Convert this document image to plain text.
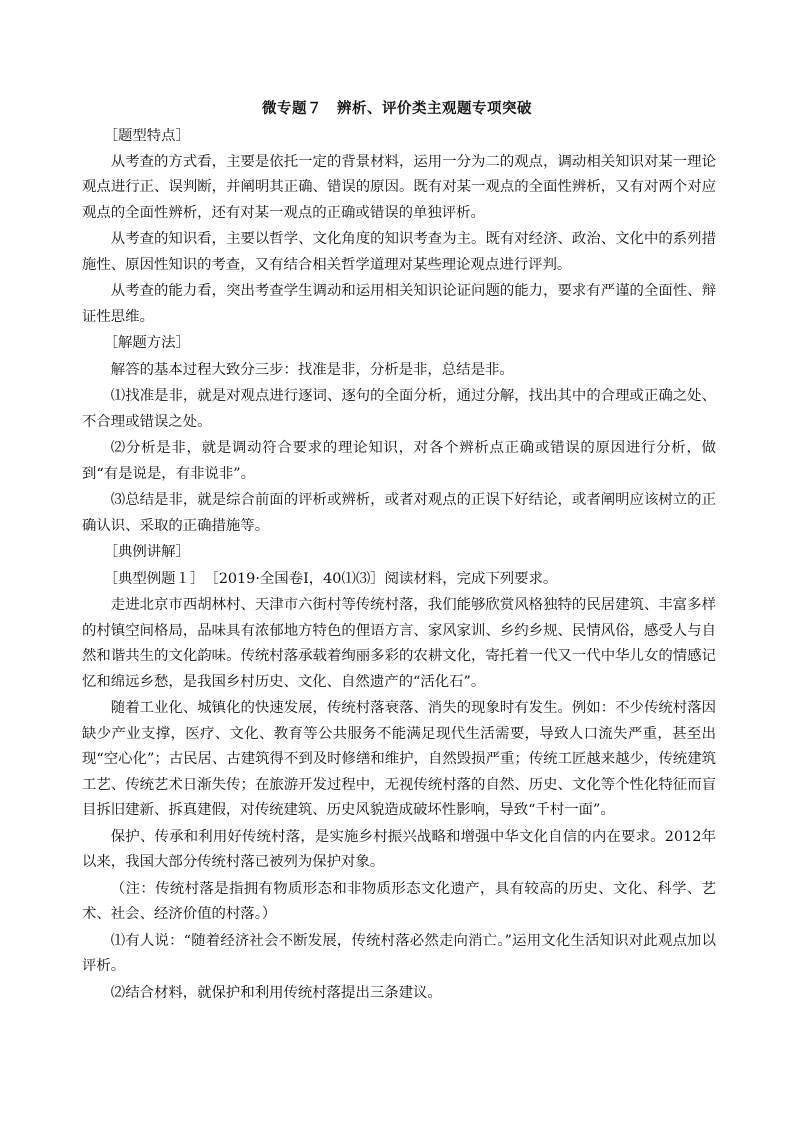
微专题７　辨析、评价类主观题专项突破

［题型特点］

从考查的方式看，主要是依托一定的背景材料，运用一分为二的观点，调动相关知识对某一理论观点进行正、误判断，并阐明其正确、错误的原因。既有对某一观点的全面性辨析，又有对两个对应观点的全面性辨析，还有对某一观点的正确或错误的单独评析。

从考查的知识看，主要以哲学、文化角度的知识考查为主。既有对经济、政治、文化中的系列措施性、原因性知识的考查，又有结合相关哲学道理对某些理论观点进行评判。

从考查的能力看，突出考查学生调动和运用相关知识论证问题的能力，要求有严谨的全面性、辩证性思维。

［解题方法］

解答的基本过程大致分三步：找准是非，分析是非，总结是非。

⑴找准是非，就是对观点进行逐词、逐句的全面分析，通过分解，找出其中的合理或正确之处、不合理或错误之处。

⑵分析是非，就是调动符合要求的理论知识，对各个辨析点正确或错误的原因进行分析，做到“有是说是，有非说非”。

⑶总结是非，就是综合前面的评析或辨析，或者对观点的正误下好结论，或者阐明应该树立的正确认识、采取的正确措施等。

［典例讲解］

［典型例题１］　［2019·全国卷Ⅰ，40⑴⑶］阅读材料，完成下列要求。

走进北京市西胡林村、天津市六街村等传统村落，我们能够欣赏风格独特的民居建筑、丰富多样的村镇空间格局，品味具有浓郁地方特色的俚语方言、家风家训、乡约乡规、民情风俗，感受人与自然和谐共生的文化韵味。传统村落承载着绚丽多彩的农耕文化，寄托着一代又一代中华儿女的情感记忆和绵远乡愁，是我国乡村历史、文化、自然遗产的“活化石”。

随着工业化、城镇化的快速发展，传统村落衰落、消失的现象时有发生。例如：不少传统村落因缺少产业支撑，医疗、文化、教育等公共服务不能满足现代生活需要，导致人口流失严重，甚至出现“空心化”；古民居、古建筑得不到及时修缮和维护，自然毁损严重；传统工匠越来越少，传统建筑工艺、传统艺术日渐失传；在旅游开发过程中，无视传统村落的自然、历史、文化等个性化特征而盲目拆旧建新、拆真建假，对传统建筑、历史风貌造成破坏性影响，导致“千村一面”。

保护、传承和利用好传统村落，是实施乡村振兴战略和增强中华文化自信的内在要求。2012年以来，我国大部分传统村落已被列为保护对象。

（注：传统村落是指拥有物质形态和非物质形态文化遗产，具有较高的历史、文化、科学、艺术、社会、经济价值的村落。）

⑴有人说：“随着经济社会不断发展，传统村落必然走向消亡。”运用文化生活知识对此观点加以评析。

⑵结合材料，就保护和利用传统村落提出三条建议。
